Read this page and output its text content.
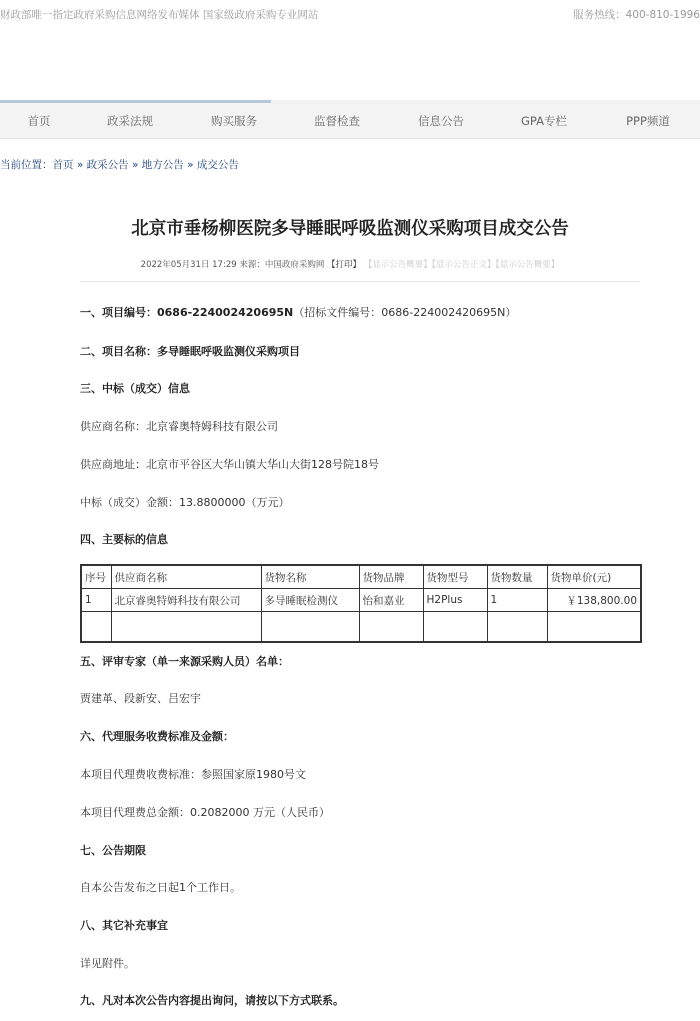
财政部唯一指定政府采购信息网络发布媒体 国家级政府采购专业网站	服务热线：400-810-1996
首页	政采法规	购买服务	监督检查	信息公告	GPA专栏	PPP频道
当前位置：首页 » 政采公告 » 地方公告 » 成交公告
北京市垂杨柳医院多导睡眠呼吸监测仪采购项目成交公告
2022年05月31日 17:29 来源：中国政府采购网 【打印】 【显示公告概要】【显示公告正文】【显示公告概要】
一、项目编号：0686-224002420695N（招标文件编号：0686-224002420695N）
二、项目名称：多导睡眠呼吸监测仪采购项目
三、中标（成交）信息
供应商名称：北京睿奥特姆科技有限公司
供应商地址：北京市平谷区大华山镇大华山大街128号院18号
中标（成交）金额：13.8800000（万元）
四、主要标的信息
序号	供应商名称	货物名称	货物品牌	货物型号	货物数量	货物单价(元)
1	北京睿奥特姆科技有限公司	多导睡眠检测仪	怡和嘉业	H2Plus	1	￥138,800.00

五、评审专家（单一来源采购人员）名单：
贾建革、段新安、吕宏宇
六、代理服务收费标准及金额：
本项目代理费收费标准：参照国家原1980号文
本项目代理费总金额：0.2082000 万元（人民币）
七、公告期限
自本公告发布之日起1个工作日。
八、其它补充事宜
详见附件。
九、凡对本次公告内容提出询问，请按以下方式联系。
